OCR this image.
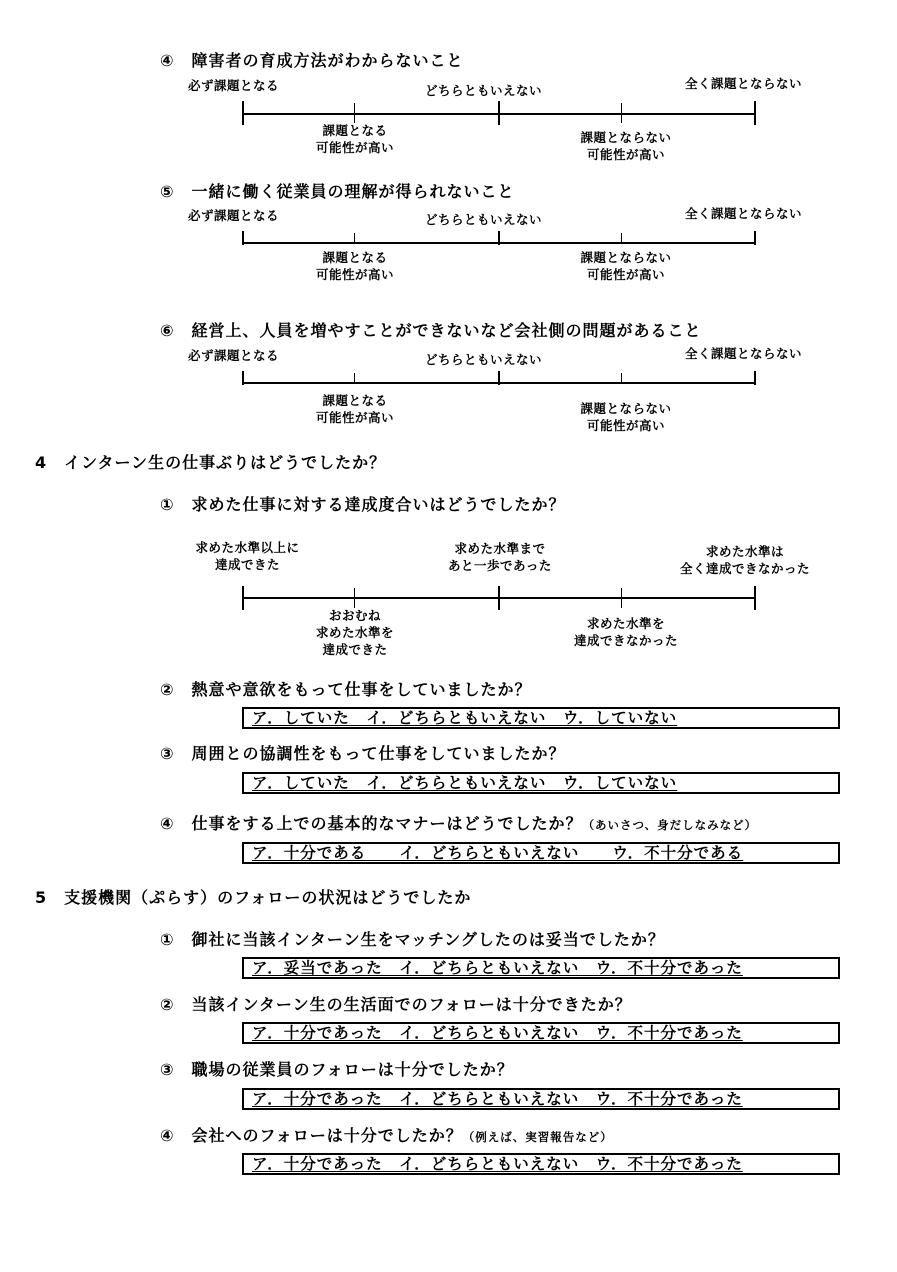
④　障害者の育成方法がわからないこと
必ず課題となる	どちらともいえない	全く課題とならない
課題となる
可能性が高い
課題とならない
可能性が高い
⑤　一緒に働く従業員の理解が得られないこと
必ず課題となる	どちらともいえない	全く課題とならない
課題となる
可能性が高い
課題とならない
可能性が高い
⑥　経営上、人員を増やすことができないなど会社側の問題があること
必ず課題となる	どちらともいえない	全く課題とならない
課題となる
可能性が高い
課題とならない
可能性が高い
4　インターン生の仕事ぶりはどうでしたか？
①　求めた仕事に対する達成度合いはどうでしたか？
求めた水準以上に
達成できた
求めた水準まで
あと一歩であった
求めた水準は
全く達成できなかった
おおむね
求めた水準を
達成できた
求めた水準を
達成できなかった
②　熱意や意欲をもって仕事をしていましたか？
ア．していた　イ．どちらともいえない　ウ．していない
③　周囲との協調性をもって仕事をしていましたか？
ア．していた　イ．どちらともいえない　ウ．していない
④　仕事をする上での基本的なマナーはどうでしたか？（あいさつ、身だしなみなど）
ア．十分である　　イ．どちらともいえない　　ウ．不十分である
5　支援機関（ぷらす）のフォローの状況はどうでしたか
①　御社に当該インターン生をマッチングしたのは妥当でしたか？
ア．妥当であった　イ．どちらともいえない　ウ．不十分であった
②　当該インターン生の生活面でのフォローは十分できたか？
ア．十分であった　イ．どちらともいえない　ウ．不十分であった
③　職場の従業員のフォローは十分でしたか？
ア．十分であった　イ．どちらともいえない　ウ．不十分であった
④　会社へのフォローは十分でしたか？（例えば、実習報告など）
ア．十分であった　イ．どちらともいえない　ウ．不十分であった
